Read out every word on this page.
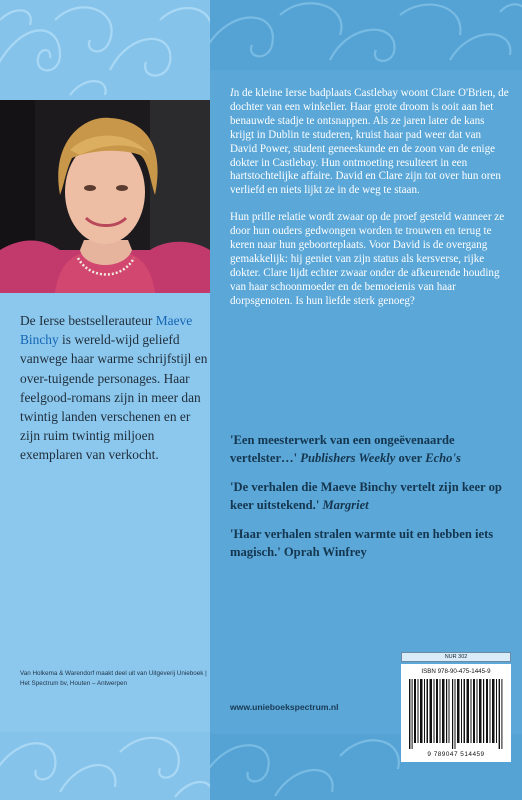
De Ierse bestsellerauteur Maeve Binchy is wereld-wijd geliefd vanwege haar warme schrijfstijl en over-tuigende personages. Haar feelgood-romans zijn in meer dan twintig landen verschenen en er zijn ruim twintig miljoen exemplaren van verkocht.
Van Holkema & Warendorf maakt deel uit van Uitgeverij Unieboek | Het Spectrum bv, Houten – Antwerpen

In de kleine Ierse badplaats Castlebay woont Clare O'Brien, de dochter van een winkelier. Haar grote droom is ooit aan het benauwde stadje te ontsnappen. Als ze jaren later de kans krijgt in Dublin te studeren, kruist haar pad weer dat van David Power, student geneeskunde en de zoon van de enige dokter in Castlebay. Hun ontmoeting resulteert in een hartstochtelijke affaire. David en Clare zijn tot over hun oren verliefd en niets lijkt ze in de weg te staan.

Hun prille relatie wordt zwaar op de proef gesteld wanneer ze door hun ouders gedwongen worden te trouwen en terug te keren naar hun geboorteplaats. Voor David is de overgang gemakkelijk: hij geniet van zijn status als kersverse, rijke dokter. Clare lijdt echter zwaar onder de afkeurende houding van haar schoonmoeder en de bemoeienis van haar dorpsgenoten. Is hun liefde sterk genoeg?

'Een meesterwerk van een ongeëvenaarde vertelster…' Publishers Weekly over Echo's

'De verhalen die Maeve Binchy vertelt zijn keer op keer uitstekend.' Margriet

'Haar verhalen stralen warmte uit en hebben iets magisch.' Oprah Winfrey

www.unieboekspectrum.nl
NUR 302
ISBN 978-90-475-1445-9
9 789047 514459
